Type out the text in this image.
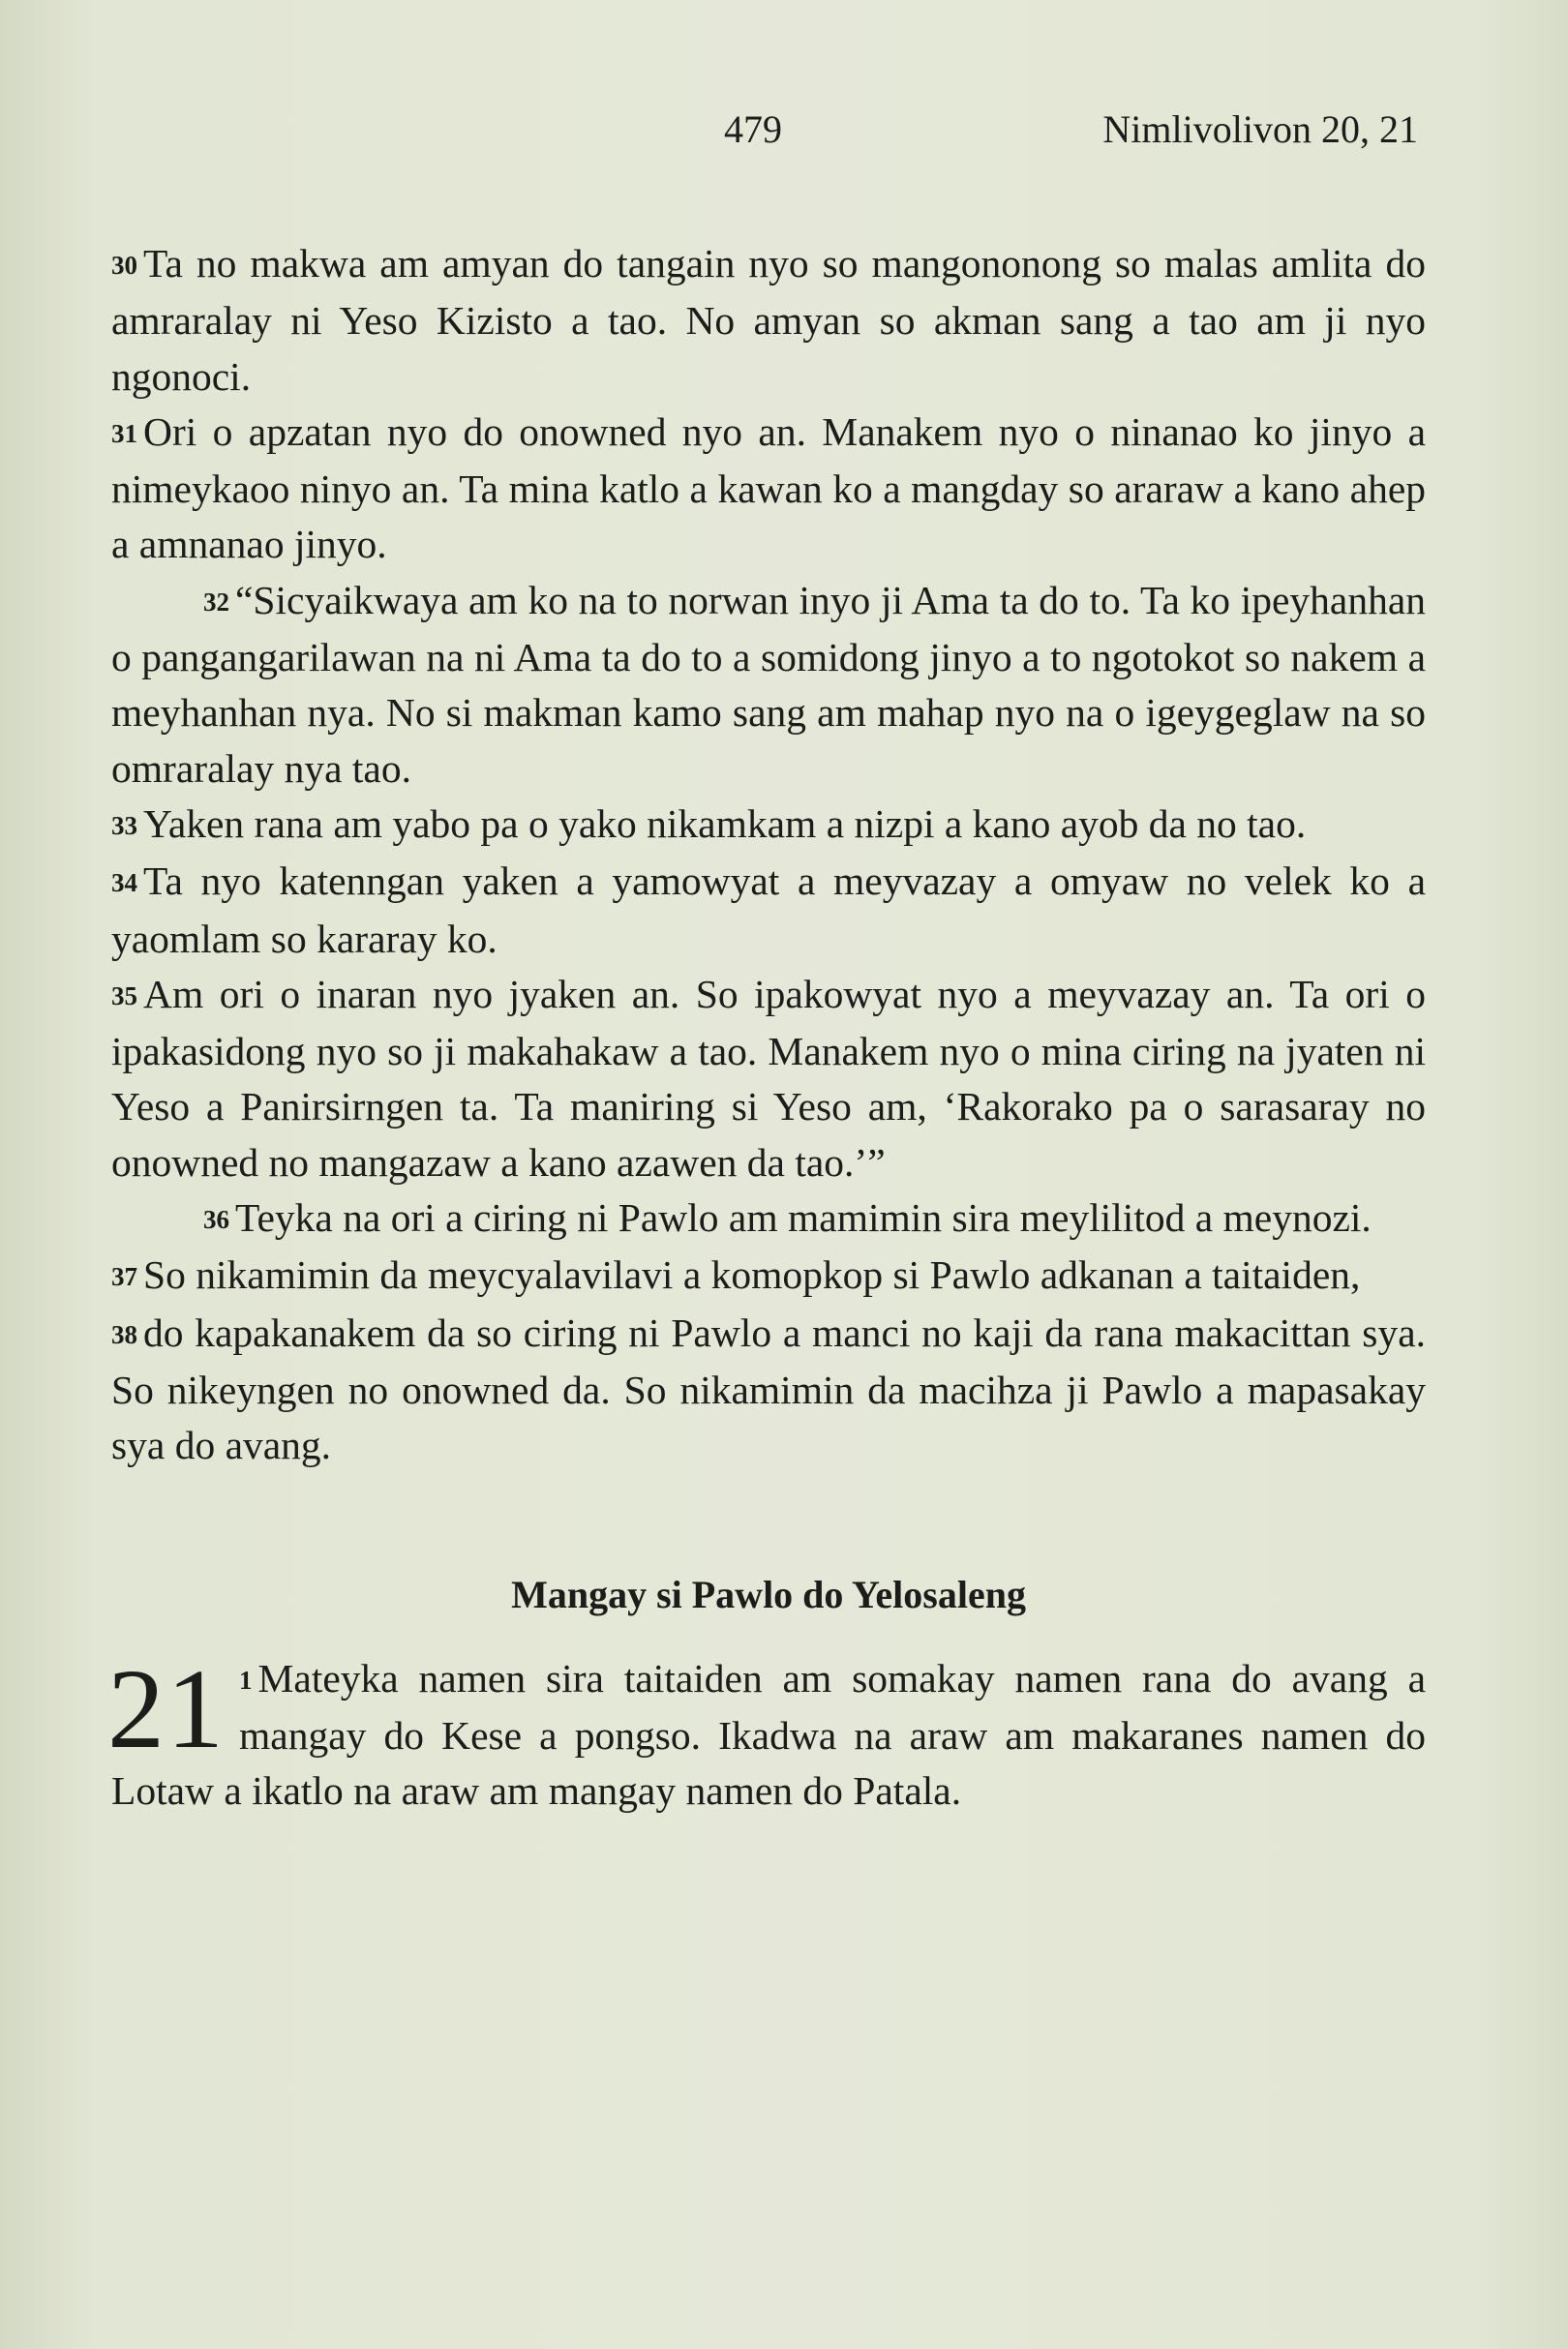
479	Nimlivolivon 20, 21

30 Ta no makwa am amyan do tangain nyo so mangononong so malas amlita do amraralay ni Yeso Kizisto a tao. No amyan so akman sang a tao am ji nyo ngonoci.

31 Ori o apzatan nyo do onowned nyo an. Manakem nyo o ninanao ko jinyo a nimeykaoo ninyo an. Ta mina katlo a kawan ko a mangday so araraw a kano ahep a amnanao jinyo.

32 “Sicyaikwaya am ko na to norwan inyo ji Ama ta do to. Ta ko ipeyhanhan o pangangarilawan na ni Ama ta do to a somidong jinyo a to ngotokot so nakem a meyhanhan nya. No si makman kamo sang am mahap nyo na o igeygeglaw na so omraralay nya tao.

33 Yaken rana am yabo pa o yako nikamkam a nizpi a kano ayob da no tao.

34 Ta nyo katenngan yaken a yamowyat a meyvazay a omyaw no velek ko a yaomlam so kararay ko.

35 Am ori o inaran nyo jyaken an. So ipakowyat nyo a meyvazay an. Ta ori o ipakasidong nyo so ji makahakaw a tao. Manakem nyo o mina ciring na jyaten ni Yeso a Panirsirngen ta. Ta maniring si Yeso am, ‘Rakorako pa o sarasaray no onowned no mangazaw a kano azawen da tao.’”

36 Teyka na ori a ciring ni Pawlo am mamimin sira meylilitod a meynozi.

37 So nikamimin da meycyalavilavi a komopkop si Pawlo adkanan a taitaiden,

38 do kapakanakem da so ciring ni Pawlo a manci no kaji da rana makacittan sya. So nikeyngen no onowned da. So nikamimin da macihza ji Pawlo a mapasakay sya do avang.

Mangay si Pawlo do Yelosaleng

21 1 Mateyka namen sira taitaiden am somakay namen rana do avang a mangay do Kese a pongso. Ikadwa na araw am makaranes namen do Lotaw a ikatlo na araw am mangay namen do Patala.
